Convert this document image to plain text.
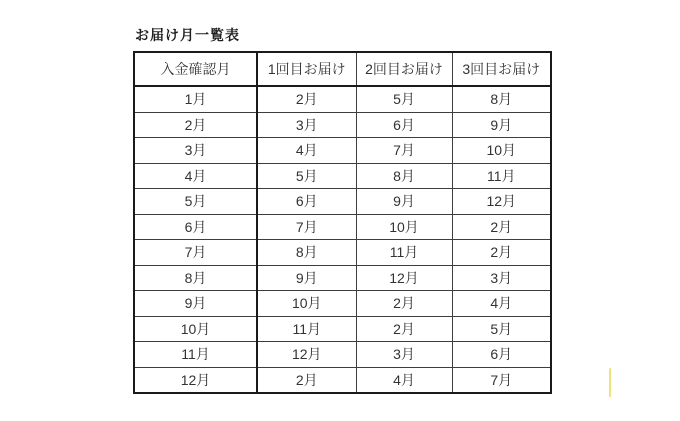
お届け月一覧表
入金確認月	1回目お届け	2回目お届け	3回目お届け
1月	2月	5月	8月
2月	3月	6月	9月
3月	4月	7月	10月
4月	5月	8月	11月
5月	6月	9月	12月
6月	7月	10月	2月
7月	8月	11月	2月
8月	9月	12月	3月
9月	10月	2月	4月
10月	11月	2月	5月
11月	12月	3月	6月
12月	2月	4月	7月
